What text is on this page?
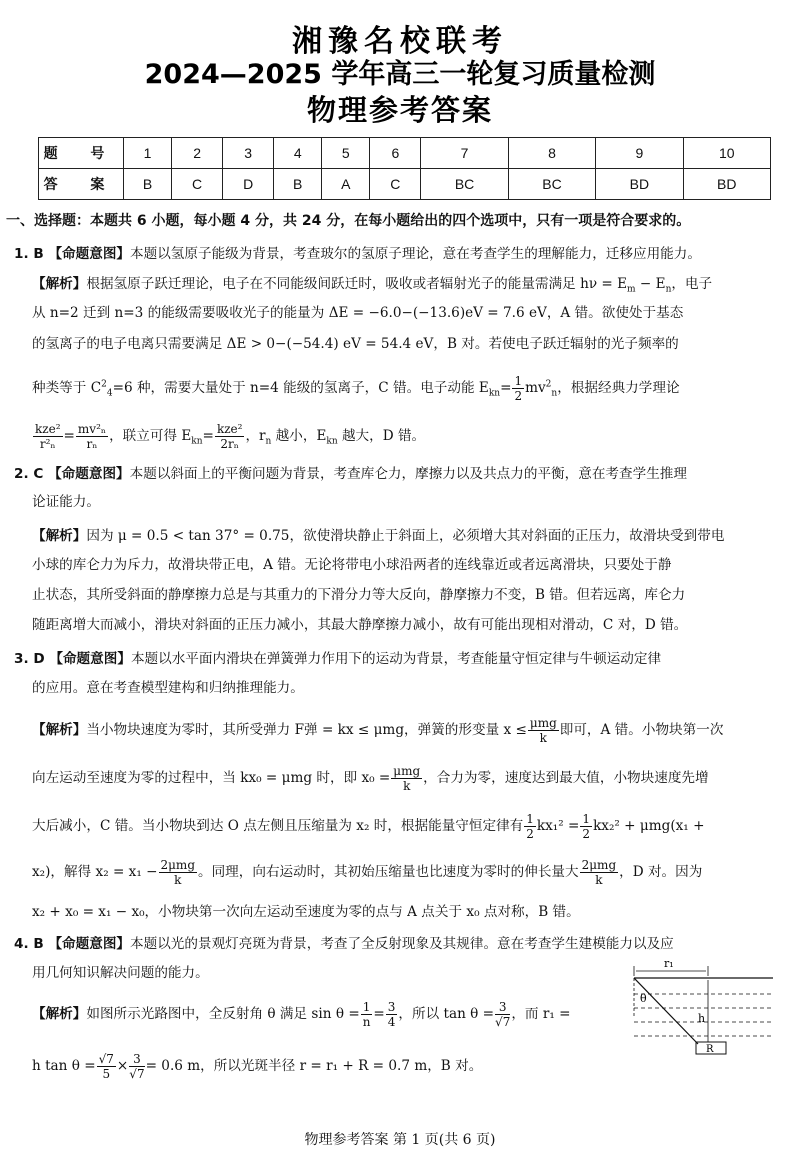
湘豫名校联考
2024—2025 学年高三一轮复习质量检测
物理参考答案
题 号	1	2	3	4	5	6	7	8	9	10
答 案	B	C	D	B	A	C	BC	BC	BD	BD
一、选择题：本题共 6 小题，每小题 4 分，共 24 分，在每小题给出的四个选项中，只有一项是符合要求的。
1. B 【命题意图】本题以氢原子能级为背景，考查玻尔的氢原子理论，意在考查学生的理解能力，迁移应用能力。
【解析】根据氢原子跃迁理论，电子在不同能级间跃迁时，吸收或者辐射光子的能量需满足 $h\nu = E_m - E_n$，电子
从 n=2 迁到 n=3 的能级需要吸收光子的能量为 ΔE = −6.0−(−13.6)eV = 7.6 eV，A 错。欲使处于基态
的氢离子的电子电离只需要满足 ΔE > 0−(−54.4) eV = 54.4 eV，B 对。若使电子跃迁辐射的光子频率的
种类等于 $C^2_4=6$ 种，需要大量处于 n=4 能级的氢离子，C 错。电子动能 $E_{kn}= \frac{1}{2} mv^2_n$，根据经典力学理论
$\frac{\text{kze²}}{\text{r²ₙ}} = \frac{\text{mv²ₙ}}{\text{rₙ}}$ ，联立可得 $E_{kn}= \frac{\text{kze²}}{\text{2rₙ}}$ ，$r_n$ 越小，$E_{kn}$ 越大，D 错。
2. C 【命题意图】本题以斜面上的平衡问题为背景，考查库仑力，摩擦力以及共点力的平衡，意在考查学生推理
论证能力。
【解析】因为 μ = 0.5 < tan 37° = 0.75，欲使滑块静止于斜面上，必须增大其对斜面的正压力，故滑块受到带电
小球的库仑力为斥力，故滑块带正电，A 错。无论将带电小球沿两者的连线靠近或者远离滑块，只要处于静
止状态，其所受斜面的静摩擦力总是与其重力的下滑分力等大反向，静摩擦力不变，B 错。但若远离，库仑力
随距离增大而减小，滑块对斜面的正压力减小，其最大静摩擦力减小，故有可能出现相对滑动，C 对，D 错。
3. D 【命题意图】本题以水平面内滑块在弹簧弹力作用下的运动为背景，考查能量守恒定律与牛顿运动定律
的应用。意在考查模型建构和归纳推理能力。
【解析】当小物块速度为零时，其所受弹力 F弹 = kx ≤ μmg，弹簧的形变量 $x \le \frac{\text{μmg}}{k}$ 即可，A 错。小物块第一次
向左运动至速度为零的过程中，当 kx₀ = μmg 时，即 $x_0 = \frac{\text{μmg}}{k}$ ，合力为零，速度达到最大值，小物块速度先增
大后减小，C 错。当小物块到达 O 点左侧且压缩量为 x₂ 时，根据能量守恒定律有 $\frac{1}{2} kx_1^2 = \frac{1}{2} kx_2^2 + \mu mg(x_1$ +
x₂)，解得 $x_2 = x_1 - \frac{\text{2μmg}}{k}$ 。同理，向右运动时，其初始压缩量也比速度为零时的伸长量大 $\frac{\text{2μmg}}{k}$ ，D 对。因为
x₂ + x₀ = x₁ − x₀，小物块第一次向左运动至速度为零的点与 A 点关于 x₀ 点对称，B 错。
4. B 【命题意图】本题以光的景观灯亮斑为背景，考查了全反射现象及其规律。意在考查学生建模能力以及应
用几何知识解决问题的能力。
【解析】如图所示光路图中，全反射角 θ 满足 $\sin \theta = \frac{1}{n} = \frac{3}{4}$ ，所以 $\tan \theta = \frac{3}{√7}$ ，而 r₁ =
h $\tan \theta = \frac{√7}{5} \times \frac{3}{√7} = 0.6$ m，所以光斑半径 r = r₁ + R = 0.7 m，B 对。
r₁
θ
h
R
物理参考答案 第 1 页(共 6 页)
